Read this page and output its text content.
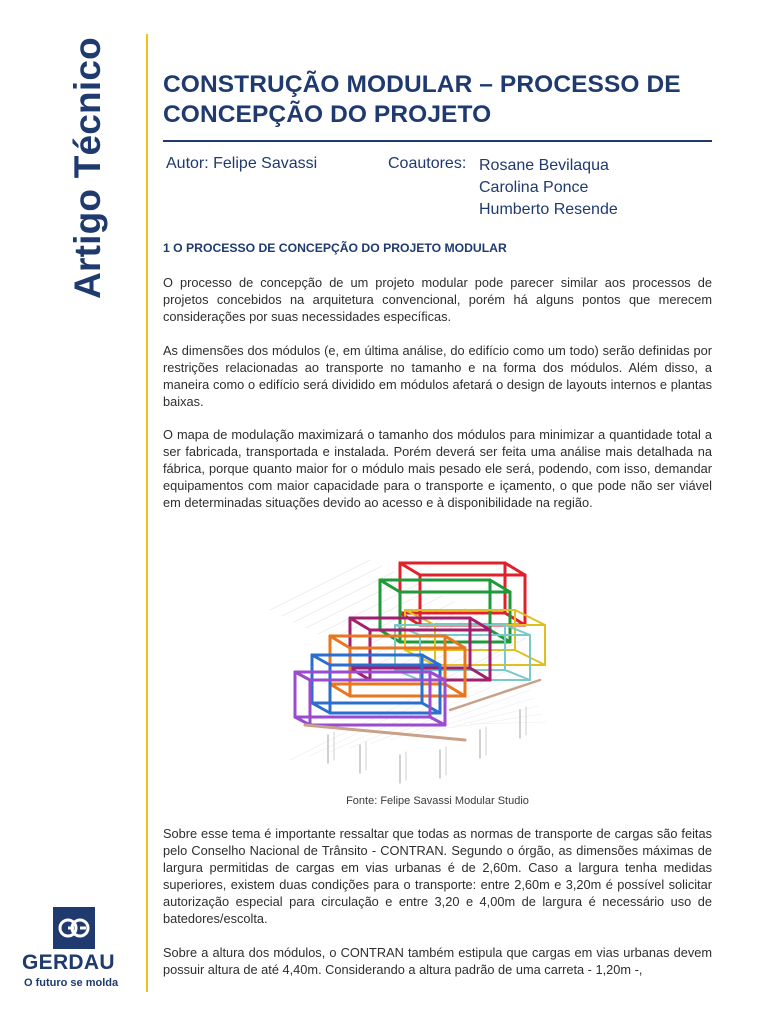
Artigo Técnico
GERDAU
O futuro se molda
CONSTRUÇÃO MODULAR – PROCESSO DE
CONCEPÇÃO DO PROJETO
Autor: Felipe Savassi	Coautores: Rosane Bevilaqua
Carolina Ponce
Humberto Resende
1 O PROCESSO DE CONCEPÇÃO DO PROJETO MODULAR

O processo de concepção de um projeto modular pode parecer similar aos processos de projetos concebidos na arquitetura convencional, porém há alguns pontos que merecem considerações por suas necessidades específicas.

As dimensões dos módulos (e, em última análise, do edifício como um todo) serão definidas por restrições relacionadas ao transporte no tamanho e na forma dos módulos. Além disso, a maneira como o edifício será dividido em módulos afetará o design de layouts internos e plantas baixas.

O mapa de modulação maximizará o tamanho dos módulos para minimizar a quantidade total a ser fabricada, transportada e instalada. Porém deverá ser feita uma análise mais detalhada na fábrica, porque quanto maior for o módulo mais pesado ele será, podendo, com isso, demandar equipamentos com maior capacidade para o transporte e içamento, o que pode não ser viável em determinadas situações devido ao acesso e à disponibilidade na região.

Fonte: Felipe Savassi Modular Studio

Sobre esse tema é importante ressaltar que todas as normas de transporte de cargas são feitas pelo Conselho Nacional de Trânsito - CONTRAN. Segundo o órgão, as dimensões máximas de largura permitidas de cargas em vias urbanas é de 2,60m. Caso a largura tenha medidas superiores, existem duas condições para o transporte: entre 2,60m e 3,20m é possível solicitar autorização especial para circulação e entre 3,20 e 4,00m de largura é necessário uso de batedores/escolta.

Sobre a altura dos módulos, o CONTRAN também estipula que cargas em vias urbanas devem possuir altura de até 4,40m. Considerando a altura padrão de uma carreta - 1,20m -,
